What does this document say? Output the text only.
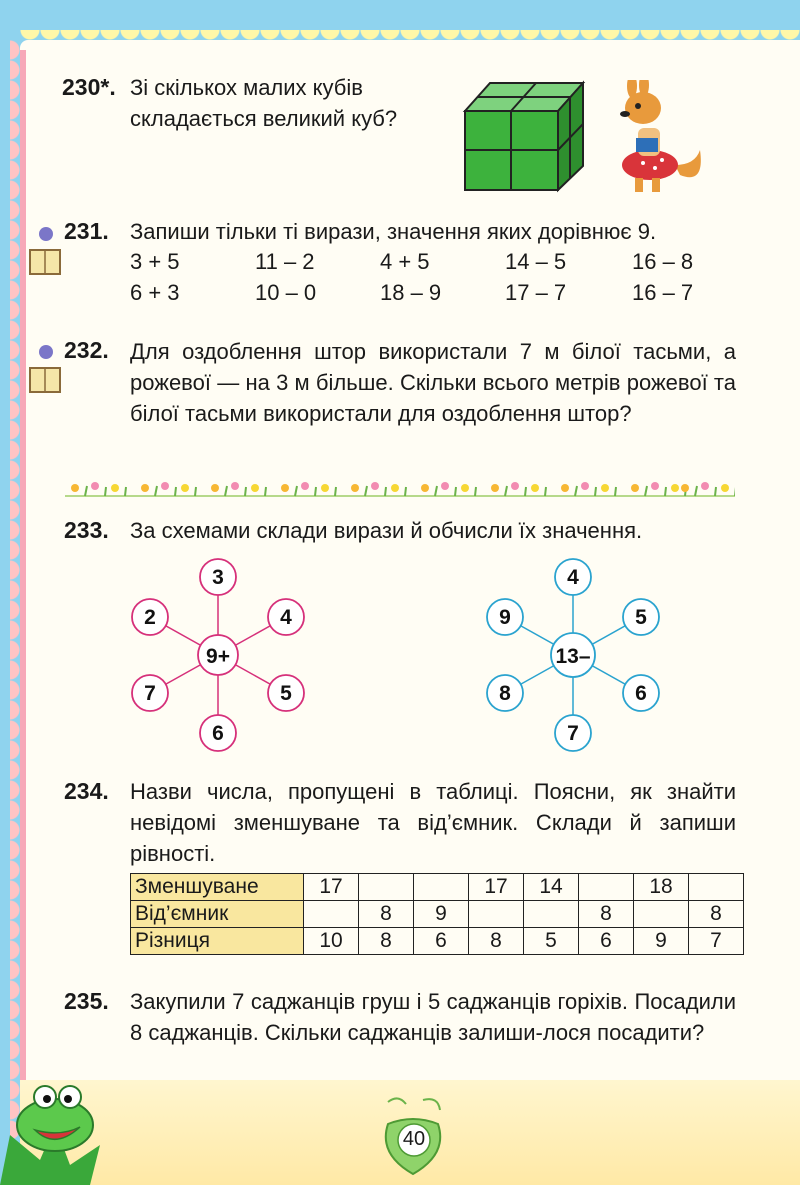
230*. Зі скількох малих кубів складається великий куб?
231. Запиши тільки ті вирази, значення яких дорівнює 9.
3 + 5	11 – 2	4 + 5	14 – 5	16 – 8
6 + 3	10 – 0	18 – 9	17 – 7	16 – 7
232. Для оздоблення штор використали 7 м білої тасьми, а рожевої — на 3 м більше. Скільки всього метрів рожевої та білої тасьми використали для оздоблення штор?
233. За схемами склади вирази й обчисли їх значення.
3
2	4
9+
7	5
6
4
9	5
13–
8	6
7
234. Назви числа, пропущені в таблиці. Поясни, як знайти невідомі зменшуване та від’ємник. Склади й запиши рівності.
Зменшуване	17			17	14		18	
Від’ємник		8	9			8		8
Різниця	10	8	6	8	5	6	9	7
235. Закупили 7 саджанців груш і 5 саджанців горіхів. Посадили 8 саджанців. Скільки саджанців залиши-лося посадити?
40
